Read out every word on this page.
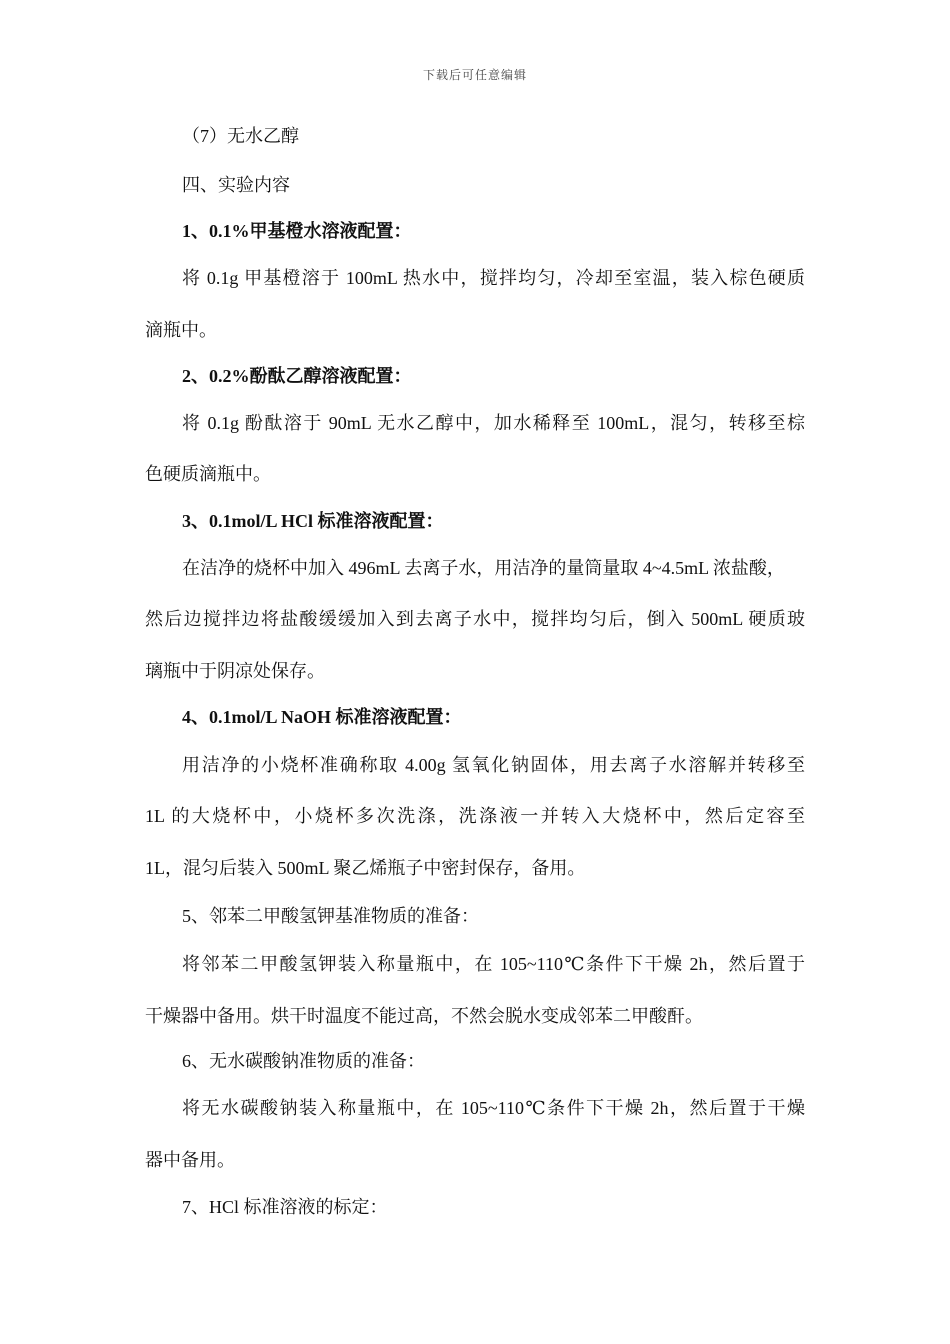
下载后可任意编辑
（7）无水乙醇
四、实验内容
1、0.1%甲基橙水溶液配置：
将 0.1g 甲基橙溶于 100mL 热水中，搅拌均匀，冷却至室温，装入棕色硬质
滴瓶中。
2、0.2%酚酞乙醇溶液配置：
将 0.1g 酚酞溶于 90mL 无水乙醇中，加水稀释至 100mL，混匀，转移至棕
色硬质滴瓶中。
3、0.1mol/L HCl 标准溶液配置：
在洁净的烧杯中加入 496mL 去离子水，用洁净的量筒量取 4~4.5mL 浓盐酸，
然后边搅拌边将盐酸缓缓加入到去离子水中，搅拌均匀后，倒入 500mL 硬质玻
璃瓶中于阴凉处保存。
4、0.1mol/L NaOH 标准溶液配置：
用洁净的小烧杯准确称取 4.00g 氢氧化钠固体，用去离子水溶解并转移至
1L 的大烧杯中，小烧杯多次洗涤，洗涤液一并转入大烧杯中，然后定容至
1L，混匀后装入 500mL 聚乙烯瓶子中密封保存，备用。
5、邻苯二甲酸氢钾基准物质的准备：
将邻苯二甲酸氢钾装入称量瓶中，在 105~110℃条件下干燥 2h，然后置于
干燥器中备用。烘干时温度不能过高，不然会脱水变成邻苯二甲酸酐。
6、无水碳酸钠准物质的准备：
将无水碳酸钠装入称量瓶中，在 105~110℃条件下干燥 2h，然后置于干燥
器中备用。
7、HCl 标准溶液的标定：
